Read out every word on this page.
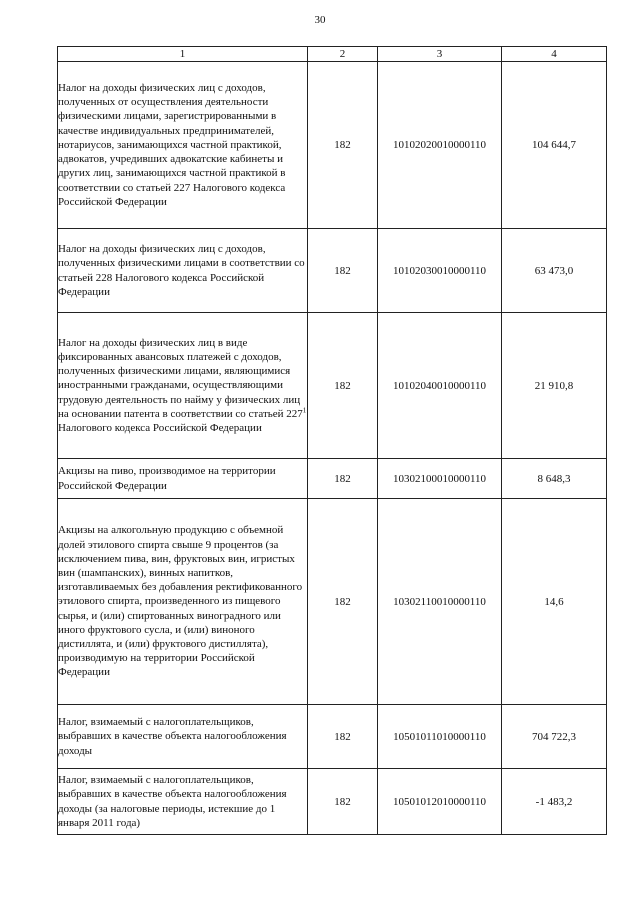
30
1	2	3	4
Налог на доходы физических лиц с доходов, полученных от осуществления деятельности физическими лицами, зарегистрированными в качестве индивидуальных предпринимателей, нотариусов, занимающихся частной практикой, адвокатов, учредивших адвокатские кабинеты и других лиц, занимающихся частной практикой в соответствии со статьей 227 Налогового кодекса Российской Федерации	182	10102020010000110	104 644,7
Налог на доходы физических лиц с доходов, полученных физическими лицами в соответствии со статьей 228 Налогового кодекса Российской Федерации	182	10102030010000110	63 473,0
Налог на доходы физических лиц в виде фиксированных авансовых платежей с доходов, полученных физическими лицами, являющимися иностранными гражданами, осуществляющими трудовую деятельность по найму у физических лиц на основании патента в соответствии со статьей 227$^1$ Налогового кодекса Российской Федерации	182	10102040010000110	21 910,8
Акцизы на пиво, производимое на территории Российской Федерации	182	10302100010000110	8 648,3
Акцизы на алкогольную продукцию с объемной долей этилового спирта свыше 9 процентов (за исключением пива, вин, фруктовых вин, игристых вин (шампанских), винных напитков, изготавливаемых без добавления ректификованного этилового спирта, произведенного из пищевого сырья, и (или) спиртованных виноградного или иного фруктового сусла, и (или) виноного дистиллята, и (или) фруктового дистиллята), производимую на территории Российской Федерации	182	10302110010000110	14,6
Налог, взимаемый с налогоплательщиков, выбравших в качестве объекта налогообложения доходы	182	10501011010000110	704 722,3
Налог, взимаемый с налогоплательщиков, выбравших в качестве объекта налогообложения доходы (за налоговые периоды, истекшие до 1 января 2011 года)	182	10501012010000110	-1 483,2
